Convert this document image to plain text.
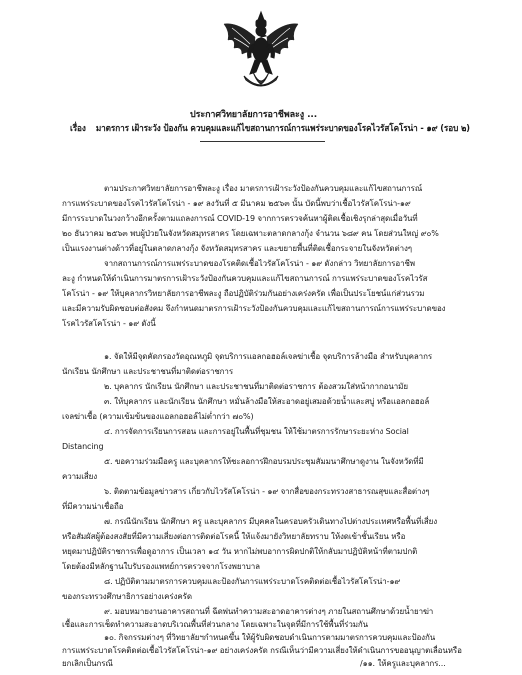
ประกาศวิทยาลัยการอาชีพละงู ...
เรื่อง มาตรการ เฝ้าระวัง ป้องกัน ควบคุมและแก้ไขสถานการณ์การแพร่ระบาดของโรคไวรัสโคโรน่า - ๑๙ (รอบ ๒)
ตามประกาศวิทยาลัยการอาชีพละงู เรื่อง มาตรการเฝ้าระวังป้องกันควบคุมและแก้ไขสถานการณ์
การแพร่ระบาดของโรคไวรัสโคโรน่า - ๑๙ ลงวันที่ ๕ มีนาคม ๒๕๖๓ นั้น บัดนี้พบว่าเชื้อไวรัสโคโรน่า-๑๙
มีการระบาดในวงกว้างอีกครั้งตามแถลงการณ์ COVID-19 จากการตรวจค้นหาผู้ติดเชื้อเชิงรุกล่าสุดเมื่อวันที่
๒๐ ธันวาคม ๒๕๖๓ พบผู้ป่วยในจังหวัดสมุทรสาคร โดยเฉพาะตลาดกลางกุ้ง จำนวน ๖๘๙ คน โดยส่วนใหญ่ ๙๐%
เป็นแรงงานต่างด้าวที่อยู่ในตลาดกลางกุ้ง จังหวัดสมุทรสาคร และขยายพื้นที่ติดเชื้อกระจายในจังหวัดต่างๆ
จากสถานการณ์การแพร่ระบาดของโรคติดเชื้อไวรัสโคโรน่า - ๑๙ ดังกล่าว วิทยาลัยการอาชีพ
ละงู กำหนดให้ดำเนินการมาตรการเฝ้าระวังป้องกันควบคุมและแก้ไขสถานการณ์ การแพร่ระบาดของโรคไวรัส
โคโรน่า - ๑๙ ให้บุคลากรวิทยาลัยการอาชีพละงู ถือปฏิบัติร่วมกันอย่างเคร่งครัด เพื่อเป็นประโยชน์แก่ส่วนรวม
และมีความรับผิดชอบต่อสังคม จึงกำหนดมาตรการเฝ้าระวังป้องกันควบคุมและแก้ไขสถานการณ์การแพร่ระบาดของ
โรคไวรัสโคโรน่า - ๑๙ ดังนี้
๑. จัดให้มีจุดคัดกรองวัดอุณหภูมิ จุดบริการแอลกอฮอล์เจลฆ่าเชื้อ จุดบริการล้างมือ สำหรับบุคลากร
นักเรียน นักศึกษา และประชาชนที่มาติดต่อราชการ
๒. บุคลากร นักเรียน นักศึกษา และประชาชนที่มาติดต่อราชการ ต้องสวมใส่หน้ากากอนามัย
๓. ให้บุคลากร และนักเรียน นักศึกษา หมั่นล้างมือให้สะอาดอยู่เสมอด้วยน้ำและสบู่ หรือแอลกอฮอล์
เจลฆ่าเชื้อ (ความเข้มข้นของแอลกอฮอล์ไม่ต่ำกว่า ๗๐%)
๔. การจัดการเรียนการสอน และการอยู่ในพื้นที่ชุมชน ให้ใช้มาตรการรักษาระยะห่าง Social
Distancing
๕. ขอความร่วมมือครู และบุคลากรให้ชะลอการฝึกอบรมประชุมสัมมนาศึกษาดูงาน ในจังหวัดที่มี
ความเสี่ยง
๖. ติดตามข้อมูลข่าวสาร เกี่ยวกับไวรัสโคโรน่า - ๑๙ จากสื่อของกระทรวงสาธารณสุขและสื่อต่างๆ
ที่มีความน่าเชื่อถือ
๗. กรณีนักเรียน นักศึกษา ครู และบุคลากร มีบุคคลในครอบครัวเดินทางไปต่างประเทศหรือพื้นที่เสี่ยง
หรือสัมผัสผู้ต้องสงสัยที่มีความเสี่ยงต่อการติดต่อโรคนี้ ให้แจ้งมายังวิทยาลัยทราบ ให้งดเข้าชั้นเรียน หรือ
หยุดมาปฏิบัติราชการเพื่อดูอาการ เป็นเวลา ๑๔ วัน หากไม่พบอาการผิดปกติให้กลับมาปฏิบัติหน้าที่ตามปกติ
โดยต้องมีหลักฐานใบรับรองแพทย์การตรวจจากโรงพยาบาล
๘. ปฏิบัติตามมาตรการควบคุมและป้องกันการแพร่ระบาดโรคติดต่อเชื้อไวรัสโคโรน่า-๑๙
ของกระทรวงศึกษาธิการอย่างเคร่งครัด
๙. มอบหมายงานอาคารสถานที่ ฉีดพ่นทำความสะอาดอาคารต่างๆ ภายในสถานศึกษาด้วยน้ำยาฆ่า
เชื้อและการเช็ดทำความสะอาดบริเวณพื้นที่ส่วนกลาง โดยเฉพาะในจุดที่มีการใช้พื้นที่ร่วมกัน
๑๐. กิจกรรมต่างๆ ที่วิทยาลัยฯกำหนดขึ้น ให้ผู้รับผิดชอบดำเนินการตามมาตรการควบคุมและป้องกัน
การแพร่ระบาดโรคติดต่อเชื้อไวรัสโคโรน่า-๑๙ อย่างเคร่งครัด กรณีเห็นว่ามีความเสี่ยงให้ดำเนินการขออนุญาตเลื่อนหรือ
ยกเลิกเป็นกรณี	/๑๑. ให้ครูและบุคลากร...
